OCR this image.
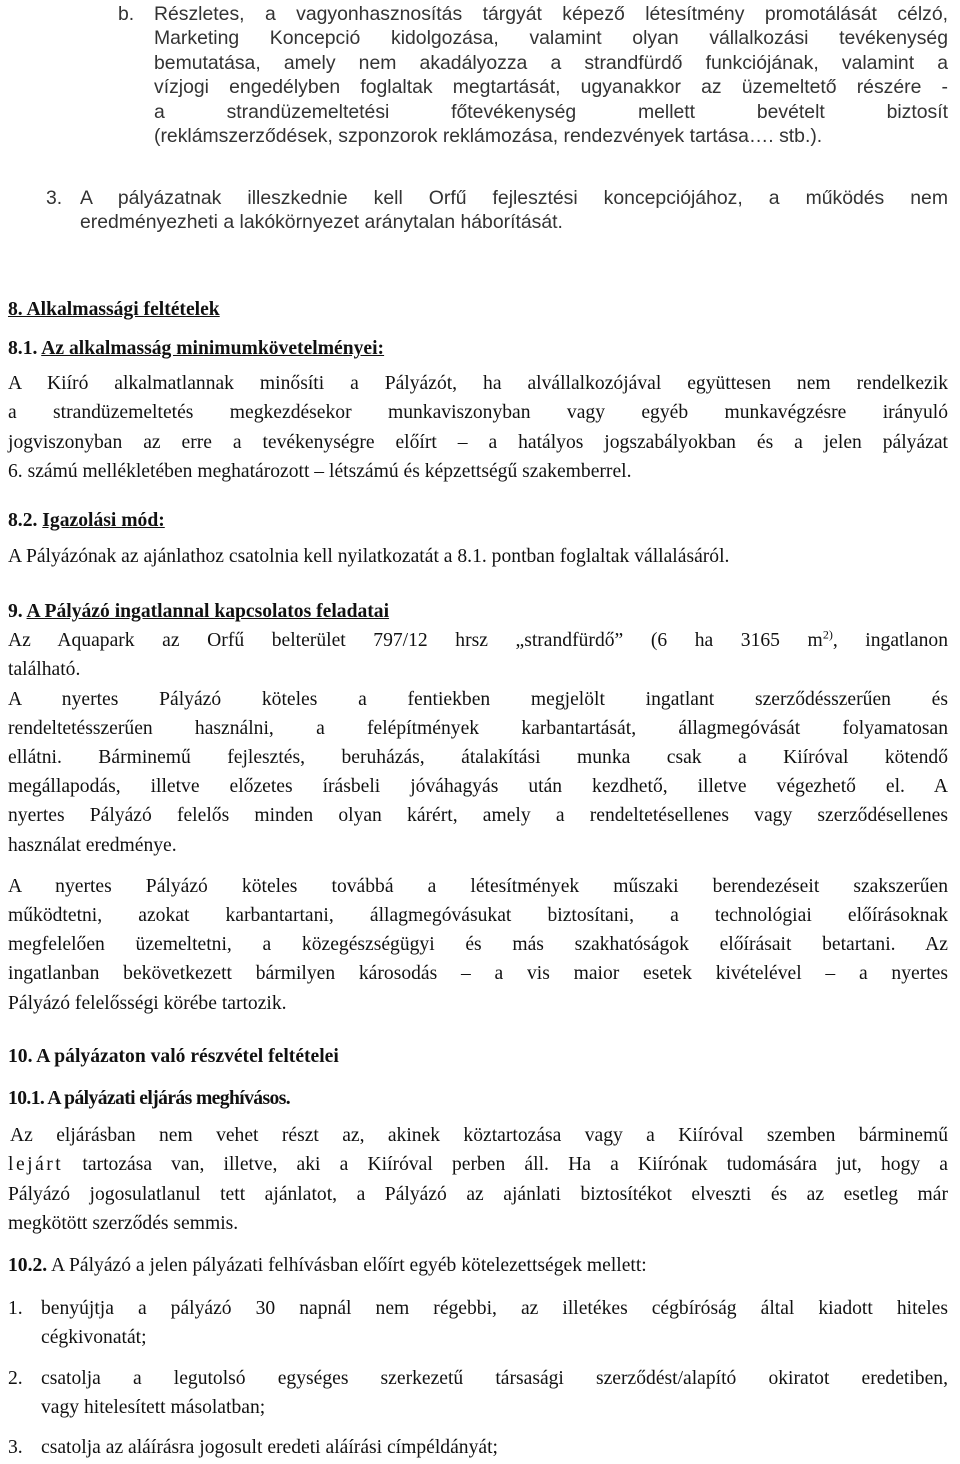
b. Részletes, a vagyonhasznosítás tárgyát képező létesítmény promotálását célzó,

Marketing Koncepció kidolgozása, valamint olyan vállalkozási tevékenység

bemutatása, amely nem akadályozza a strandfürdő funkciójának, valamint a

vízjogi engedélyben foglaltak megtartását, ugyanakkor az üzemeltető részére -

a strandüzemeltetési főtevékenység mellett bevételt biztosít

(reklámszerződések, szponzorok reklámozása, rendezvények tartása…. stb.).

3. A pályázatnak illeszkednie kell Orfű fejlesztési koncepciójához, a működés nem

eredményezheti a lakókörnyezet aránytalan háborítását.

8. Alkalmassági feltételek

8.1. Az alkalmasság minimumkövetelményei:

A Kiíró alkalmatlannak minősíti a Pályázót, ha alvállalkozójával együttesen nem rendelkezik

a strandüzemeltetés megkezdésekor munkaviszonyban vagy egyéb munkavégzésre irányuló

jogviszonyban az erre a tevékenységre előírt – a hatályos jogszabályokban és a jelen pályázat

6. számú mellékletében meghatározott – létszámú és képzettségű szakemberrel.

8.2. Igazolási mód:

A Pályázónak az ajánlathoz csatolnia kell nyilatkozatát a 8.1. pontban foglaltak vállalásáról.

9. A Pályázó ingatlannal kapcsolatos feladatai

Az Aquapark az Orfű belterület 797/12 hrsz „strandfürdő” (6 ha 3165 $m^{2)}$, ingatlanon

található.

A nyertes Pályázó köteles a fentiekben megjelölt ingatlant szerződésszerűen és

rendeltetésszerűen használni, a felépítmények karbantartását, állagmegóvását folyamatosan

ellátni. Bárminemű fejlesztés, beruházás, átalakítási munka csak a Kiíróval kötendő

megállapodás, illetve előzetes írásbeli jóváhagyás után kezdhető, illetve végezhető el. A

nyertes Pályázó felelős minden olyan kárért, amely a rendeltetésellenes vagy szerződésellenes

használat eredménye.

A nyertes Pályázó köteles továbbá a létesítmények műszaki berendezéseit szakszerűen

működtetni, azokat karbantartani, állagmegóvásukat biztosítani, a technológiai előírásoknak

megfelelően üzemeltetni, a közegészségügyi és más szakhatóságok előírásait betartani. Az

ingatlanban bekövetkezett bármilyen károsodás – a vis maior esetek kivételével – a nyertes

Pályázó felelősségi körébe tartozik.

10. A pályázaton való részvétel feltételei

10.1. A pályázati eljárás meghívásos.

Az eljárásban nem vehet részt az, akinek köztartozása vagy a Kiíróval szemben bárminemű

lejárt tartozása van, illetve, aki a Kiíróval perben áll. Ha a Kiírónak tudomására jut, hogy a

Pályázó jogosulatlanul tett ajánlatot, a Pályázó az ajánlati biztosítékot elveszti és az esetleg már

megkötött szerződés semmis.

10.2. A Pályázó a jelen pályázati felhívásban előírt egyéb kötelezettségek mellett:

1. benyújtja a pályázó 30 napnál nem régebbi, az illetékes cégbíróság által kiadott hiteles

cégkivonatát;

2. csatolja a legutolsó egységes szerkezetű társasági szerződést/alapító okiratot eredetiben,

vagy hitelesített másolatban;

3. csatolja az aláírásra jogosult eredeti aláírási címpéldányát;
